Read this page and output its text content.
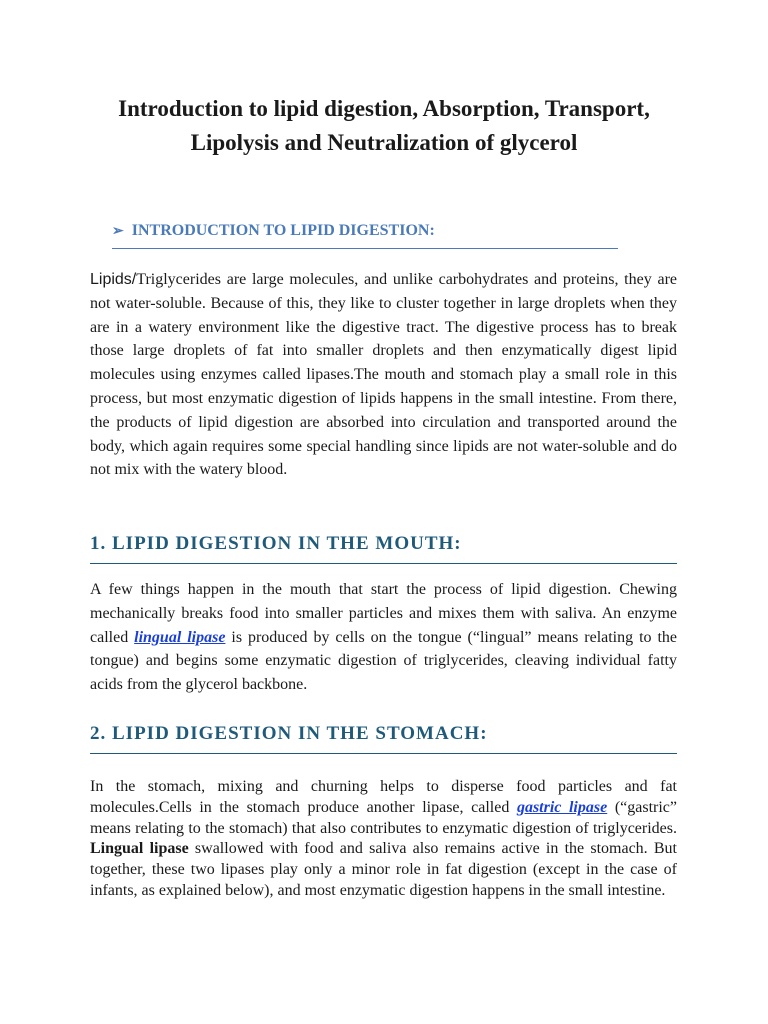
Introduction to lipid digestion, Absorption, Transport,
Lipolysis and Neutralization of glycerol
➢ INTRODUCTION TO LIPID DIGESTION:

Lipids/Triglycerides are large molecules, and unlike carbohydrates and proteins, they are not water-soluble. Because of this, they like to cluster together in large droplets when they are in a watery environment like the digestive tract. The digestive process has to break those large droplets of fat into smaller droplets and then enzymatically digest lipid molecules using enzymes called lipases.The mouth and stomach play a small role in this process, but most enzymatic digestion of lipids happens in the small intestine. From there, the products of lipid digestion are absorbed into circulation and transported around the body, which again requires some special handling since lipids are not water-soluble and do not mix with the watery blood.

1. LIPID DIGESTION IN THE MOUTH:

A few things happen in the mouth that start the process of lipid digestion. Chewing mechanically breaks food into smaller particles and mixes them with saliva. An enzyme called lingual lipase is produced by cells on the tongue (“lingual” means relating to the tongue) and begins some enzymatic digestion of triglycerides, cleaving individual fatty acids from the glycerol backbone.

2. LIPID DIGESTION IN THE STOMACH:

In the stomach, mixing and churning helps to disperse food particles and fat molecules.Cells in the stomach produce another lipase, called gastric lipase (“gastric” means relating to the stomach) that also contributes to enzymatic digestion of triglycerides. Lingual lipase swallowed with food and saliva also remains active in the stomach. But together, these two lipases play only a minor role in fat digestion (except in the case of infants, as explained below), and most enzymatic digestion happens in the small intestine.
